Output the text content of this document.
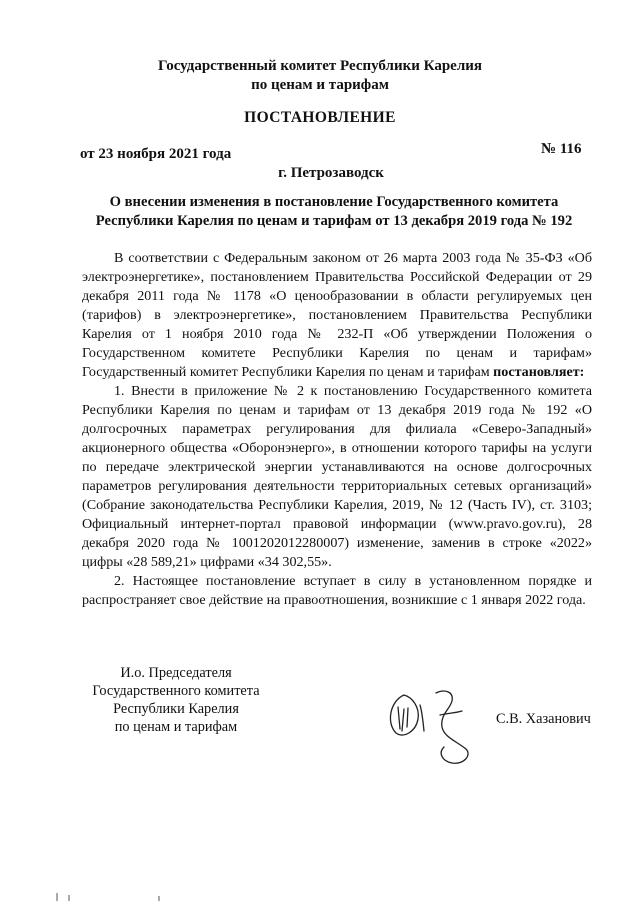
Государственный комитет Республики Карелия
по ценам и тарифам
ПОСТАНОВЛЕНИЕ
от 23 ноября 2021 года	№ 116
г. Петрозаводск
О внесении изменения в постановление Государственного комитета
Республики Карелия по ценам и тарифам от 13 декабря 2019 года № 192

В соответствии с Федеральным законом от 26 марта 2003 года № 35-ФЗ «Об электроэнергетике», постановлением Правительства Российской Федерации от 29 декабря 2011 года № 1178 «О ценообразовании в области регулируемых цен (тарифов) в электроэнергетике», постановлением Правительства Республики Карелия от 1 ноября 2010 года № 232-П «Об утверждении Положения о Государственном комитете Республики Карелия по ценам и тарифам» Государственный комитет Республики Карелия по ценам и тарифам постановляет:

1. Внести в приложение № 2 к постановлению Государственного комитета Республики Карелия по ценам и тарифам от 13 декабря 2019 года № 192 «О долгосрочных параметрах регулирования для филиала «Северо-Западный» акционерного общества «Оборонэнерго», в отношении которого тарифы на услуги по передаче электрической энергии устанавливаются на основе долгосрочных параметров регулирования деятельности территориальных сетевых организаций» (Собрание законодательства Республики Карелия, 2019, № 12 (Часть IV), ст. 3103; Официальный интернет-портал правовой информации (www.pravo.gov.ru), 28 декабря 2020 года № 1001202012280007) изменение, заменив в строке «2022» цифры «28 589,21» цифрами «34 302,55».

2. Настоящее постановление вступает в силу в установленном порядке и распространяет свое действие на правоотношения, возникшие с 1 января 2022 года.

И.о. Председателя
Государственного комитета
Республики Карелия
по ценам и тарифам	С.В. Хазанович
